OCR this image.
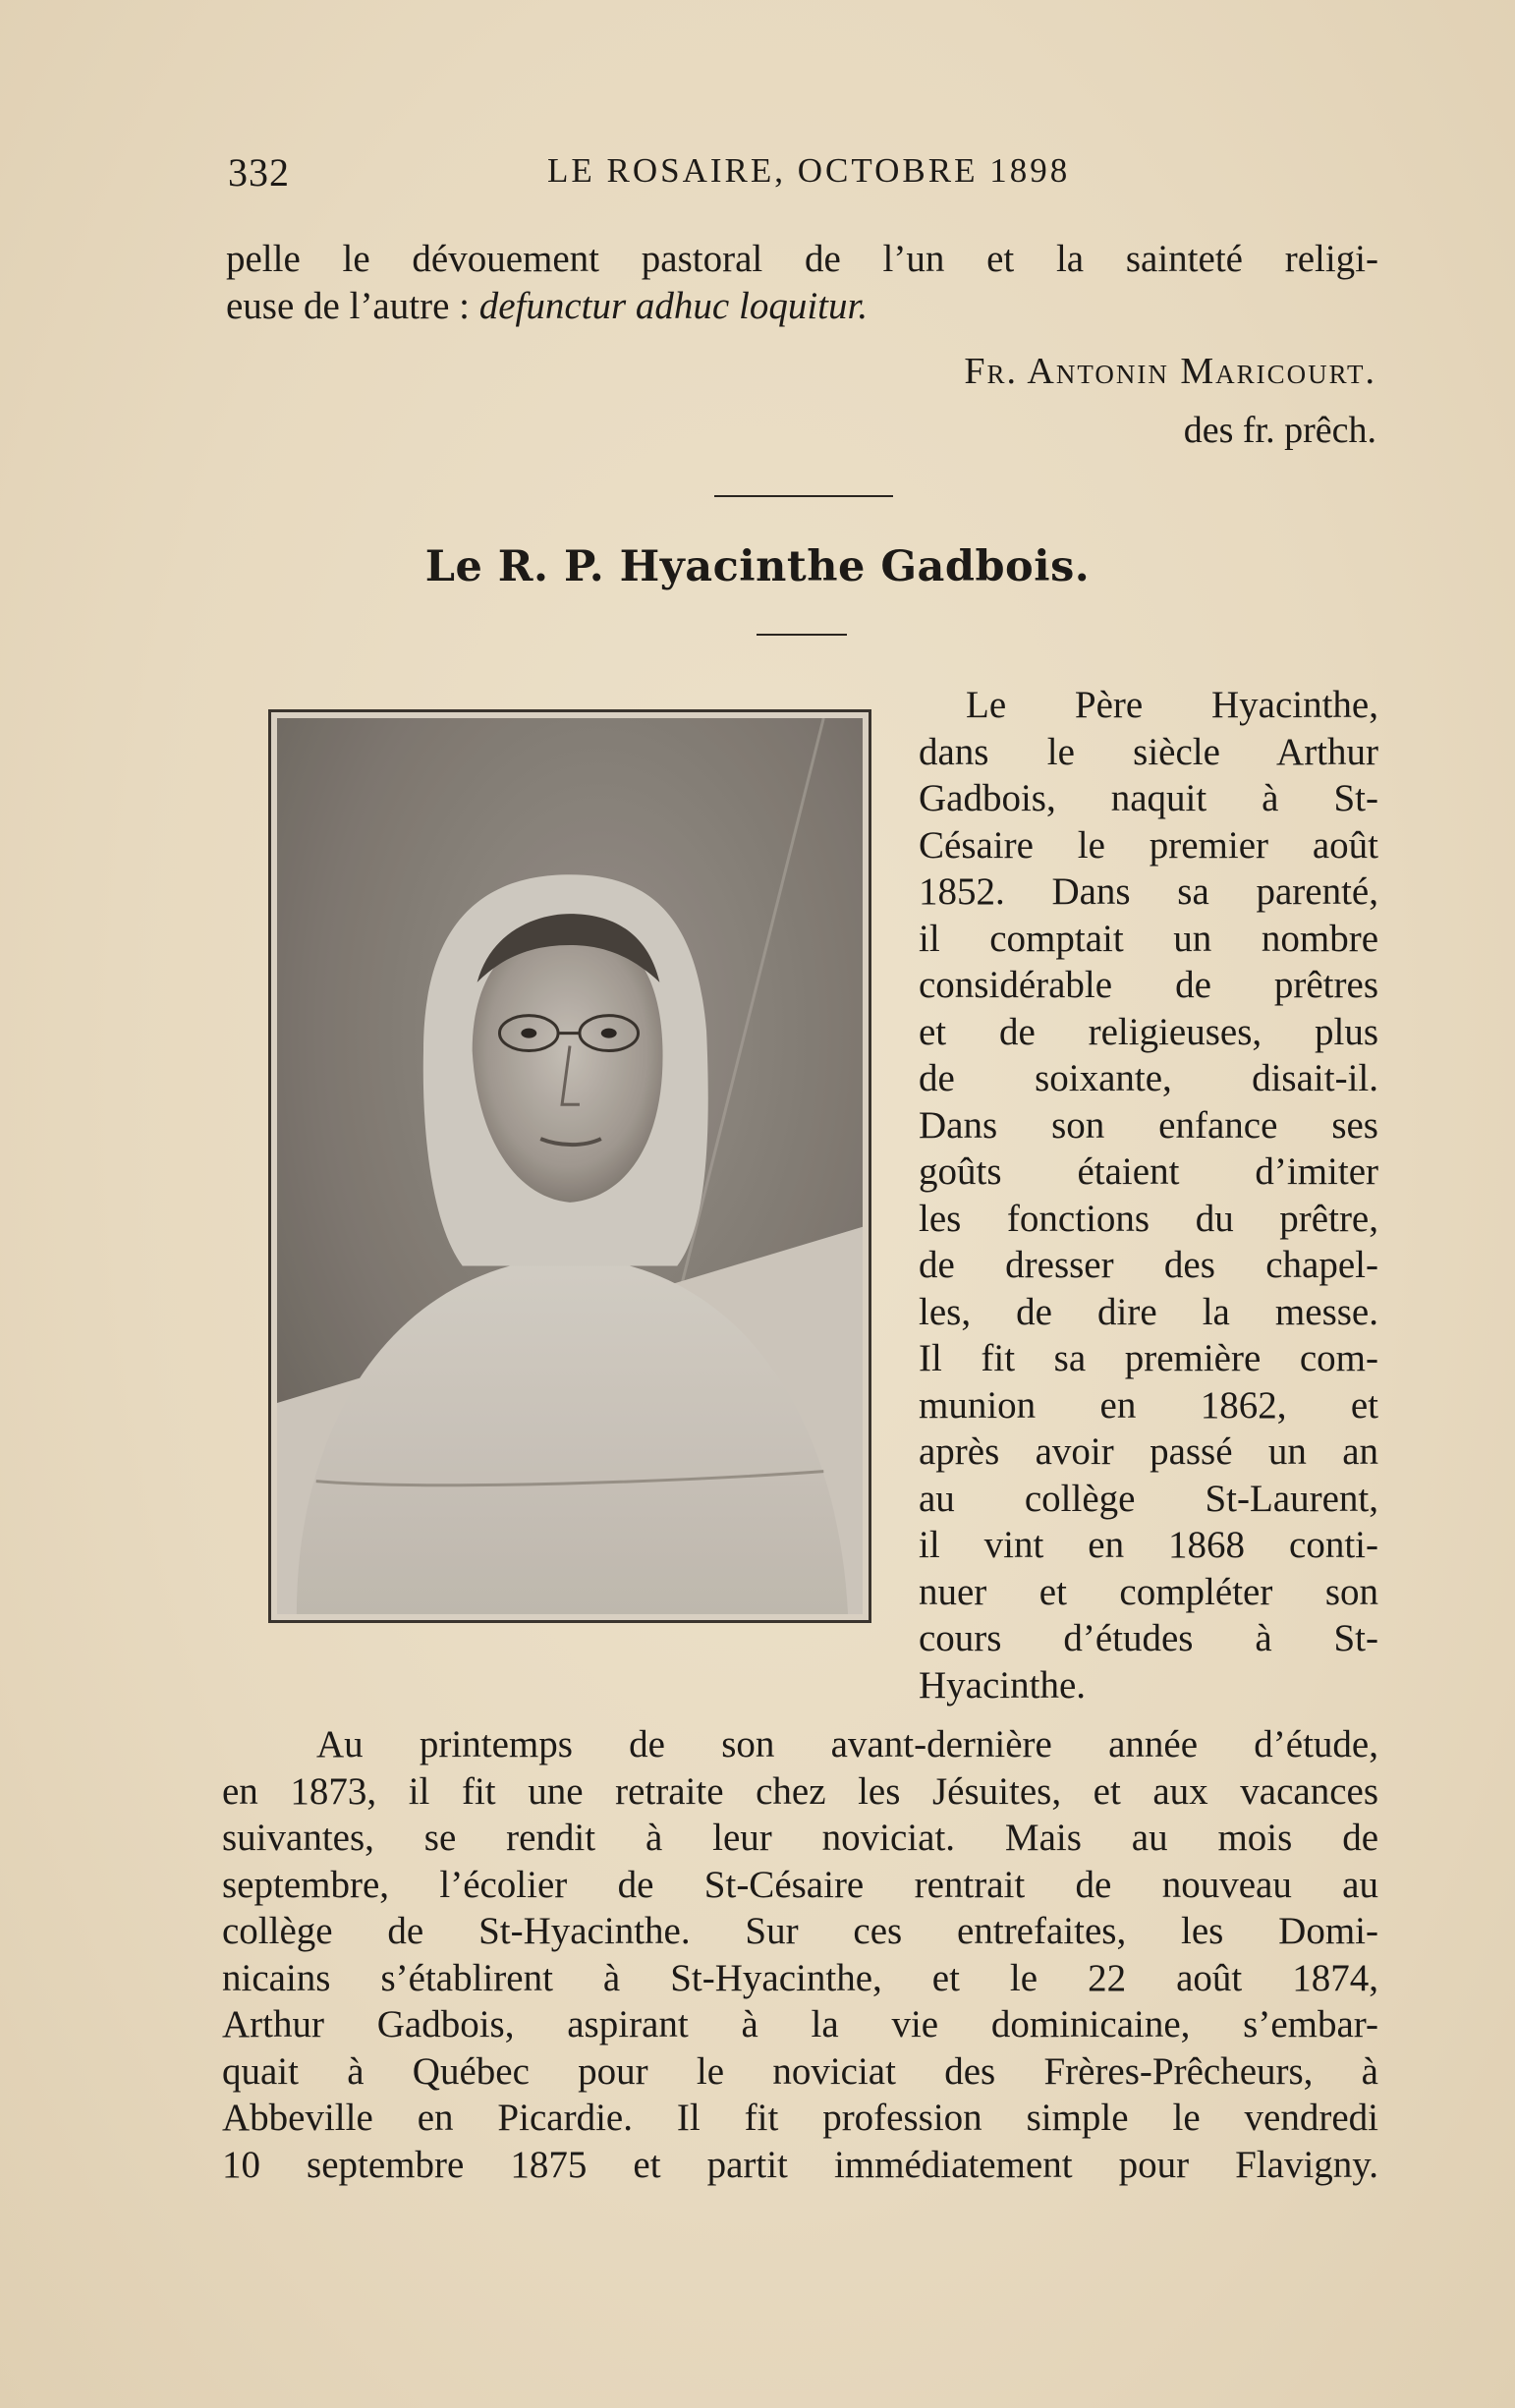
332	LE ROSAIRE, OCTOBRE 1898
pelle le dévouement pastoral de l’un et la sainteté religi-
euse de l’autre : defunctur adhuc loquitur.
Fr. Antonin Maricourt.
des fr. prêch.
Le R. P. Hyacinthe Gadbois.
Le Père Hyacinthe,
dans le siècle Arthur
Gadbois, naquit à St-
Césaire le premier août
1852. Dans sa parenté,
il comptait un nombre
considérable de prêtres
et de religieuses, plus
de soixante, disait-il.
Dans son enfance ses
goûts étaient d’imiter
les fonctions du prêtre,
de dresser des chapel-
les, de dire la messe.
Il fit sa première com-
munion en 1862, et
après avoir passé un an
au collège St-Laurent,
il vint en 1868 conti-
nuer et compléter son
cours d’études à St-
Hyacinthe.
Au printemps de son avant-dernière année d’étude,
en 1873, il fit une retraite chez les Jésuites, et aux vacances
suivantes, se rendit à leur noviciat. Mais au mois de
septembre, l’écolier de St-Césaire rentrait de nouveau au
collège de St-Hyacinthe. Sur ces entrefaites, les Domi-
nicains s’établirent à St-Hyacinthe, et le 22 août 1874,
Arthur Gadbois, aspirant à la vie dominicaine, s’embar-
quait à Québec pour le noviciat des Frères-Prêcheurs, à
Abbeville en Picardie. Il fit profession simple le vendredi
10 septembre 1875 et partit immédiatement pour Flavigny.
